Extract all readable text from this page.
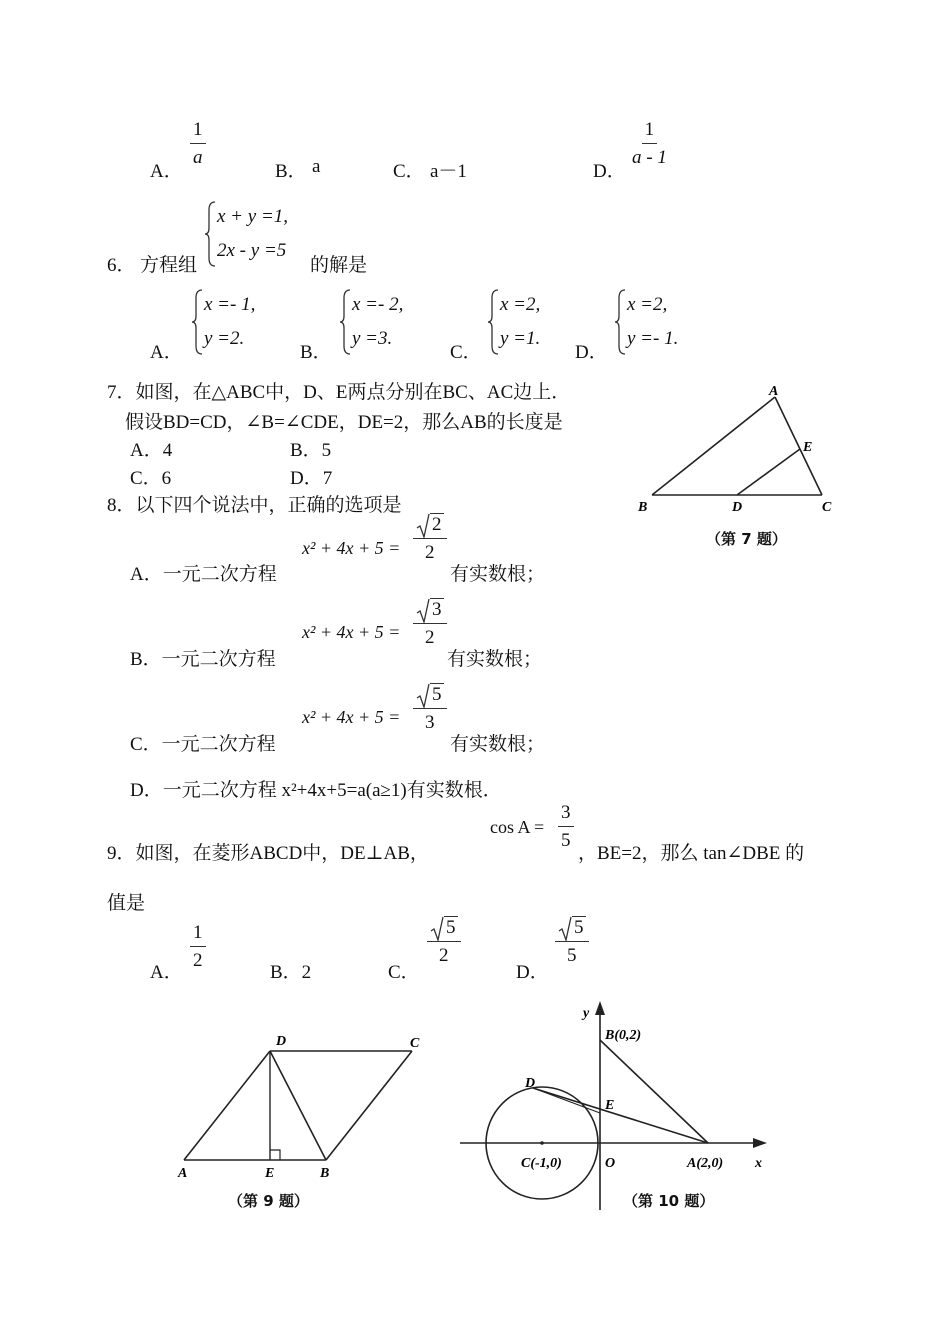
A．
$\frac{1}{a}$
B． a	C． a－1	D．
$\frac{1}{a - 1}$
6． 方程组
x + y =1,
2x - y =5
的解是
A．
x =- 1,
y =2.
B．
x =- 2,
y =3.
C．
x =2,
y =1.
D．
x =2,
y =- 1.
7．如图，在△ABC中，D、E两点分别在BC、AC边上．
假设BD=CD，∠B=∠CDE，DE=2，那么AB的长度是
A．4	B．5
C．6	D．7
A
B	C
D
E
（第 7 题）
8．以下四个说法中，正确的选项是
A．一元二次方程
$x^2 + 4x + 5 = \frac{2}{2}$
有实数根；
B．一元二次方程
$x^2 + 4x + 5 = \frac{3}{2}$
有实数根；
C．一元二次方程
$x^2 + 4x + 5 = \frac{5}{3}$
有实数根；
D．一元二次方程 x²+4x+5=a(a≥1)有实数根．
9．如图，在菱形ABCD中，DE⊥AB，
$\cos A = \frac{3}{5}$
，BE=2，那么 tan∠DBE 的
值是
A．
$\frac{1}{2}$
B．2	C．
$\frac{5}{2}$
D．
$\frac{5}{5}$
D	C
A	E	B
（第 9 题）
y
x
B(0,2)
D
E
C(-1,0)	O	A(2,0)
（第 10 题）
